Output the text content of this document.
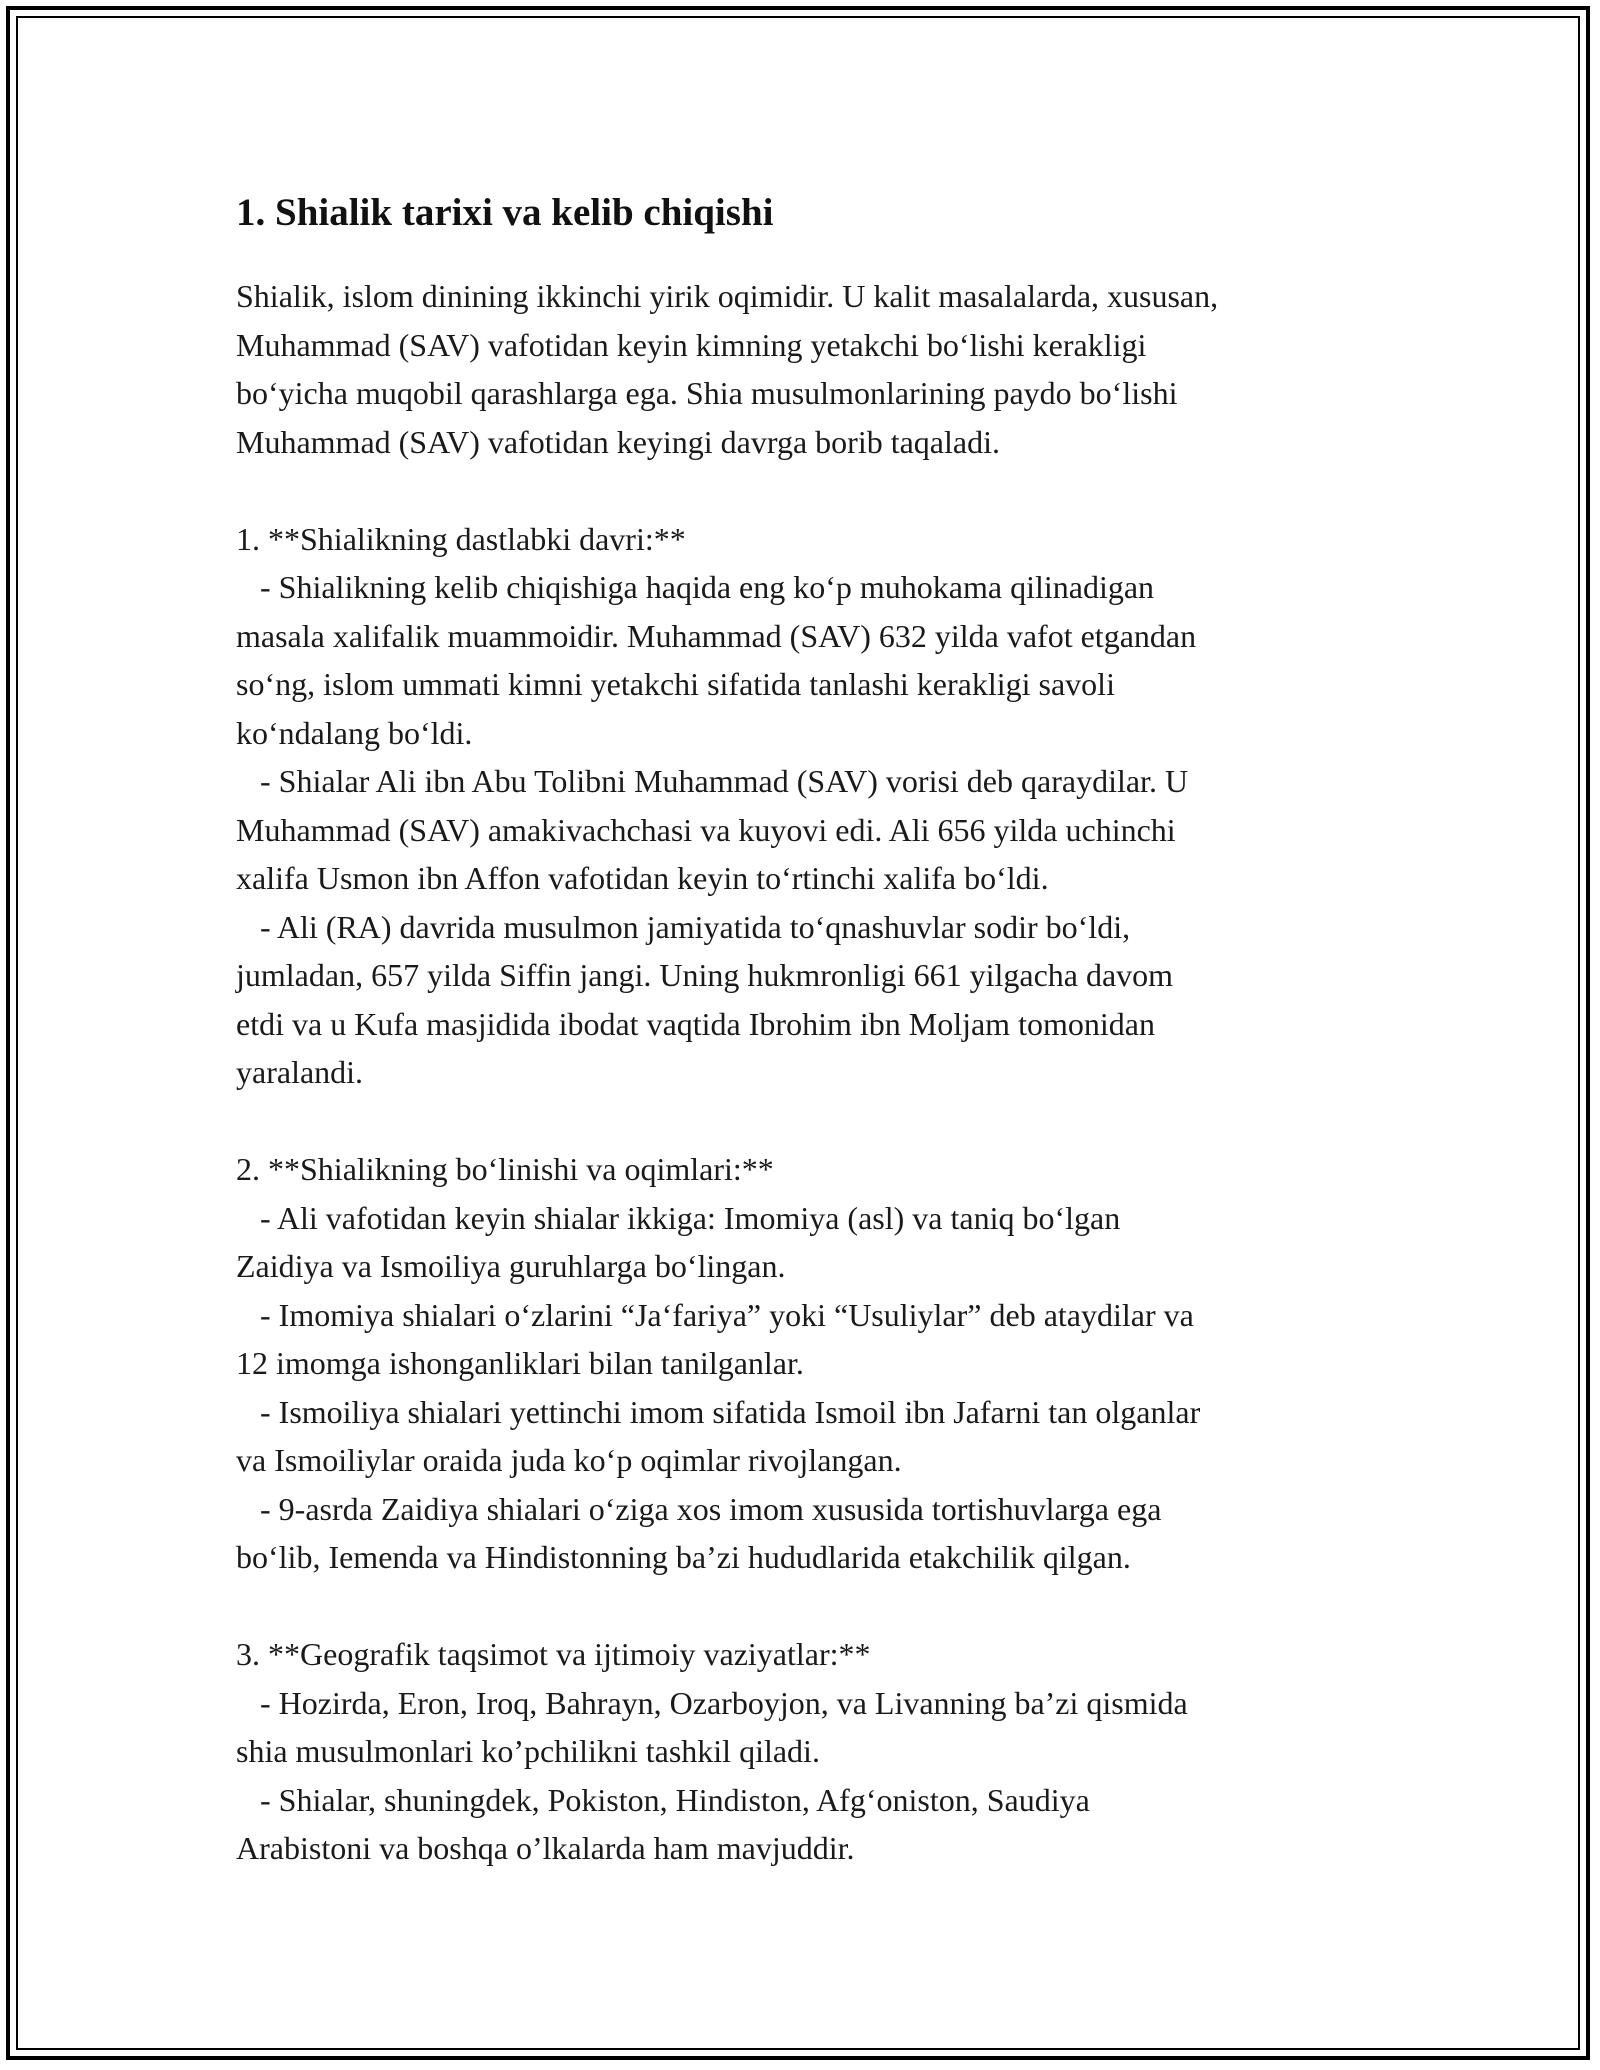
1. Shialik tarixi va kelib chiqishi
Shialik, islom dinining ikkinchi yirik oqimidir. U kalit masalalarda, xususan,
Muhammad (SAV) vafotidan keyin kimning yetakchi bo‘lishi kerakligi
bo‘yicha muqobil qarashlarga ega. Shia musulmonlarining paydo bo‘lishi
Muhammad (SAV) vafotidan keyingi davrga borib taqaladi.
1. **Shialikning dastlabki davri:**
- Shialikning kelib chiqishiga haqida eng ko‘p muhokama qilinadigan
masala xalifalik muammoidir. Muhammad (SAV) 632 yilda vafot etgandan
so‘ng, islom ummati kimni yetakchi sifatida tanlashi kerakligi savoli
ko‘ndalang bo‘ldi.
- Shialar Ali ibn Abu Tolibni Muhammad (SAV) vorisi deb qaraydilar. U
Muhammad (SAV) amakivachchasi va kuyovi edi. Ali 656 yilda uchinchi
xalifa Usmon ibn Affon vafotidan keyin to‘rtinchi xalifa bo‘ldi.
- Ali (RA) davrida musulmon jamiyatida to‘qnashuvlar sodir bo‘ldi,
jumladan, 657 yilda Siffin jangi. Uning hukmronligi 661 yilgacha davom
etdi va u Kufa masjidida ibodat vaqtida Ibrohim ibn Moljam tomonidan
yaralandi.
2. **Shialikning bo‘linishi va oqimlari:**
- Ali vafotidan keyin shialar ikkiga: Imomiya (asl) va taniq bo‘lgan
Zaidiya va Ismoiliya guruhlarga bo‘lingan.
- Imomiya shialari o‘zlarini “Ja‘fariya” yoki “Usuliylar” deb ataydilar va
12 imomga ishonganliklari bilan tanilganlar.
- Ismoiliya shialari yettinchi imom sifatida Ismoil ibn Jafarni tan olganlar
va Ismoiliylar oraida juda ko‘p oqimlar rivojlangan.
- 9-asrda Zaidiya shialari o‘ziga xos imom xususida tortishuvlarga ega
bo‘lib, Iemenda va Hindistonning ba’zi hududlarida etakchilik qilgan.
3. **Geografik taqsimot va ijtimoiy vaziyatlar:**
- Hozirda, Eron, Iroq, Bahrayn, Ozarboyjon, va Livanning ba’zi qismida
shia musulmonlari ko’pchilikni tashkil qiladi.
- Shialar, shuningdek, Pokiston, Hindiston, Afg‘oniston, Saudiya
Arabistoni va boshqa o’lkalarda ham mavjuddir.
